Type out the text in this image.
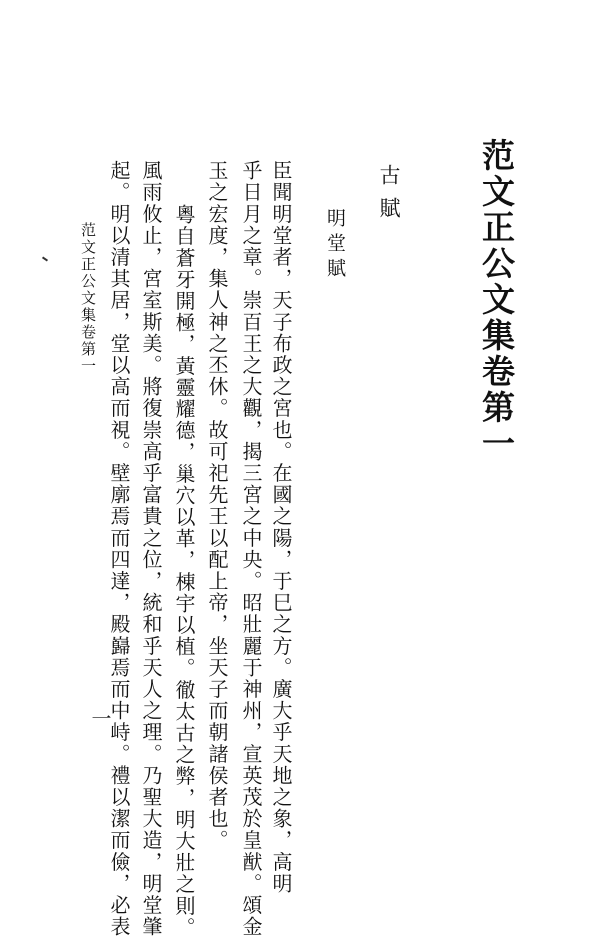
范文正公文集卷第一
古賦
明堂賦
臣聞明堂者，天子布政之宮也。在國之陽，于巳之方。廣大乎天地之象，高明
乎日月之章。崇百王之大觀，揭三宮之中央。昭壯麗于神州，宣英茂於皇猷。頌金
玉之宏度，集人神之丕休。故可祀先王以配上帝，坐天子而朝諸侯者也。
粵自蒼牙開極，黃靈耀德，巢穴以革，棟宇以植。徹太古之弊，明大壯之則。
風雨攸止，宮室斯美。將復崇高乎富貴之位，統和乎天人之理。乃聖大造，明堂肇
起。明以清其居，堂以高而視。壁廓焉而四達，殿巋焉而中峙。禮以潔而儉，必表
范文正公文集卷第一
一
